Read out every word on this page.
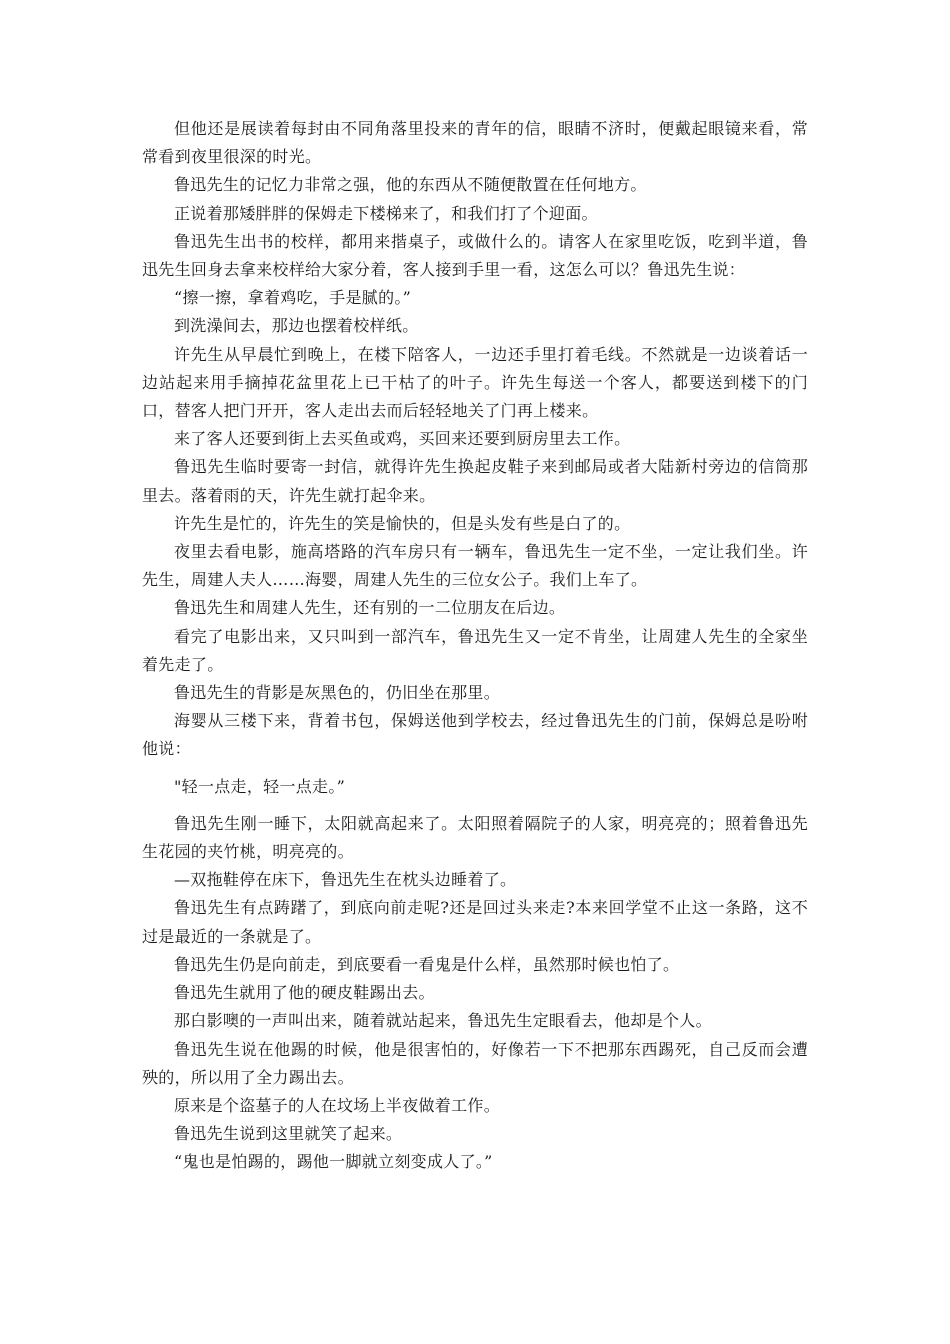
但他还是展读着每封由不同角落里投来的青年的信，眼睛不济时，便戴起眼镜来看，常常看到夜里很深的时光。

鲁迅先生的记忆力非常之强，他的东西从不随便散置在任何地方。

正说着那矮胖胖的保姆走下楼梯来了，和我们打了个迎面。

鲁迅先生出书的校样，都用来揩桌子，或做什么的。请客人在家里吃饭，吃到半道，鲁迅先生回身去拿来校样给大家分着，客人接到手里一看，这怎么可以？鲁迅先生说：

“擦一擦，拿着鸡吃，手是腻的。”

到洗澡间去，那边也摆着校样纸。

许先生从早晨忙到晚上，在楼下陪客人，一边还手里打着毛线。不然就是一边谈着话一边站起来用手摘掉花盆里花上已干枯了的叶子。许先生每送一个客人，都要送到楼下的门口，替客人把门开开，客人走出去而后轻轻地关了门再上楼来。

来了客人还要到街上去买鱼或鸡，买回来还要到厨房里去工作。

鲁迅先生临时要寄一封信，就得许先生换起皮鞋子来到邮局或者大陆新村旁边的信筒那里去。落着雨的天，许先生就打起伞来。

许先生是忙的，许先生的笑是愉快的，但是头发有些是白了的。

夜里去看电影，施高塔路的汽车房只有一辆车，鲁迅先生一定不坐，一定让我们坐。许先生，周建人夫人……海婴，周建人先生的三位女公子。我们上车了。

鲁迅先生和周建人先生，还有别的一二位朋友在后边。

看完了电影出来，又只叫到一部汽车，鲁迅先生又一定不肯坐，让周建人先生的全家坐着先走了。

鲁迅先生的背影是灰黑色的，仍旧坐在那里。

海婴从三楼下来，背着书包，保姆送他到学校去，经过鲁迅先生的门前，保姆总是吩咐他说：

"轻一点走，轻一点走。”

鲁迅先生刚一睡下，太阳就高起来了。太阳照着隔院子的人家，明亮亮的；照着鲁迅先生花园的夹竹桃，明亮亮的。

—双拖鞋停在床下，鲁迅先生在枕头边睡着了。

鲁迅先生有点踌躇了，到底向前走呢?还是回过头来走?本来回学堂不止这一条路，这不过是最近的一条就是了。

鲁迅先生仍是向前走，到底要看一看鬼是什么样，虽然那时候也怕了。

鲁迅先生就用了他的硬皮鞋踢出去。

那白影噢的一声叫出来，随着就站起来，鲁迅先生定眼看去，他却是个人。

鲁迅先生说在他踢的时候，他是很害怕的，好像若一下不把那东西踢死，自己反而会遭殃的，所以用了全力踢出去。

原来是个盗墓子的人在坟场上半夜做着工作。

鲁迅先生说到这里就笑了起来。

“鬼也是怕踢的，踢他一脚就立刻变成人了。”
